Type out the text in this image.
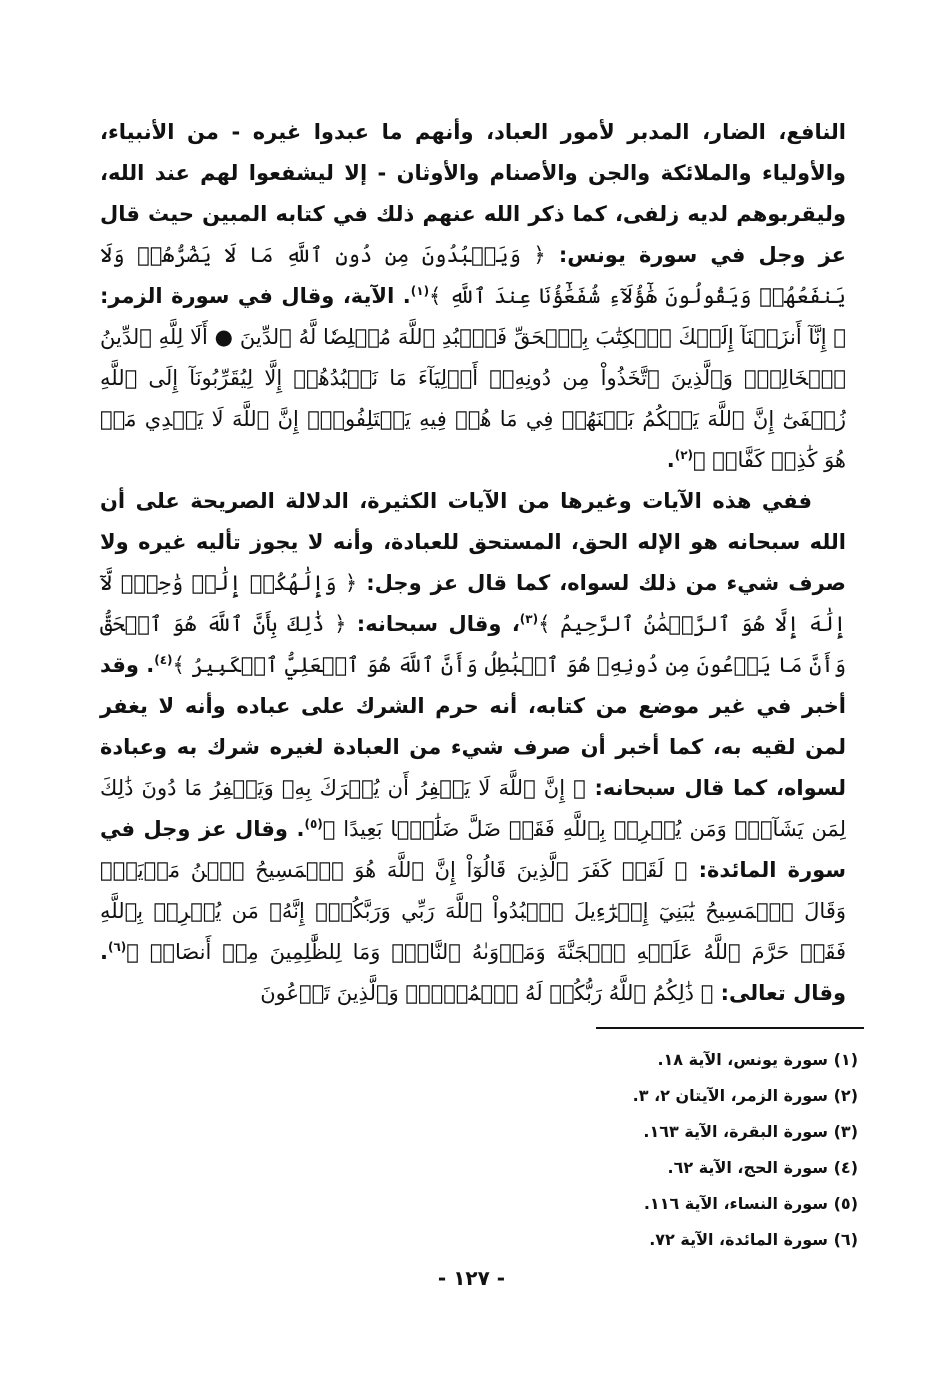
النافع، الضار، المدبر لأمور العباد، وأنهم ما عبدوا غيره - من الأنبياء، والأولياء والملائكة والجن والأصنام والأوثان - إلا ليشفعوا لهم عند الله، وليقربوهم لديه زلفى، كما ذكر الله عنهم ذلك في كتابه المبين حيث قال عز وجل في سورة يونس: ﴿ وَيَعۡبُدُونَ مِن دُونِ ٱللَّهِ مَا لَا يَضُرُّهُمۡ وَلَا يَنفَعُهُمۡ وَيَقُولُونَ هَٰٓؤُلَآءِ شُفَعَٰٓؤُنَا عِندَ ٱللَّهِ ﴾$^{(١)}$. الآية، وقال في سورة الزمر: ﴿ إِنَّآ أَنزَلۡنَآ إِلَيۡكَ ٱلۡكِتَٰبَ بِٱلۡحَقِّ فَٱعۡبُدِ ٱللَّهَ مُخۡلِصٗا لَّهُ ٱلدِّينَ ● أَلَا لِلَّهِ ٱلدِّينُ ٱلۡخَالِصُۚ وَٱلَّذِينَ ٱتَّخَذُواْ مِن دُونِهِۦٓ أَوۡلِيَآءَ مَا نَعۡبُدُهُمۡ إِلَّا لِيُقَرِّبُونَآ إِلَى ٱللَّهِ زُلۡفَىٰٓ إِنَّ ٱللَّهَ يَحۡكُمُ بَيۡنَهُمۡ فِي مَا هُمۡ فِيهِ يَخۡتَلِفُونَۗ إِنَّ ٱللَّهَ لَا يَهۡدِي مَنۡ هُوَ كَٰذِبٞ كَفَّارٞ ﴾$^{(٢)}$.

ففي هذه الآيات وغيرها من الآيات الكثيرة، الدلالة الصريحة على أن الله سبحانه هو الإله الحق، المستحق للعبادة، وأنه لا يجوز تأليه غيره ولا صرف شيء من ذلك لسواه، كما قال عز وجل: ﴿ وَإِلَٰهُكُمۡ إِلَٰهٞ وَٰحِدٞۖ لَّآ إِلَٰهَ إِلَّا هُوَ ٱلرَّحۡمَٰنُ ٱلرَّحِيمُ ﴾$^{(٣)}$، وقال سبحانه: ﴿ ذَٰلِكَ بِأَنَّ ٱللَّهَ هُوَ ٱلۡحَقُّ وَأَنَّ مَا يَدۡعُونَ مِن دُونِهِۦ هُوَ ٱلۡبَٰطِلُ وَأَنَّ ٱللَّهَ هُوَ ٱلۡعَلِيُّ ٱلۡكَبِيرُ ﴾$^{(٤)}$. وقد أخبر في غير موضع من كتابه، أنه حرم الشرك على عباده وأنه لا يغفر لمن لقيه به، كما أخبر أن صرف شيء من العبادة لغيره شرك به وعبادة لسواه، كما قال سبحانه: ﴿ إِنَّ ٱللَّهَ لَا يَغۡفِرُ أَن يُشۡرَكَ بِهِۦ وَيَغۡفِرُ مَا دُونَ ذَٰلِكَ لِمَن يَشَآءُۚ وَمَن يُشۡرِكۡ بِٱللَّهِ فَقَدۡ ضَلَّ ضَلَٰلَۢا بَعِيدًا ﴾$^{(٥)}$. وقال عز وجل في سورة المائدة: ﴿ لَقَدۡ كَفَرَ ٱلَّذِينَ قَالُوٓاْ إِنَّ ٱللَّهَ هُوَ ٱلۡمَسِيحُ ٱبۡنُ مَرۡيَمَۖ وَقَالَ ٱلۡمَسِيحُ يَٰبَنِيٓ إِسۡرَٰٓءِيلَ ٱعۡبُدُواْ ٱللَّهَ رَبِّي وَرَبَّكُمۡۖ إِنَّهُۥ مَن يُشۡرِكۡ بِٱللَّهِ فَقَدۡ حَرَّمَ ٱللَّهُ عَلَيۡهِ ٱلۡجَنَّةَ وَمَأۡوَىٰهُ ٱلنَّارُۖ وَمَا لِلظَّٰلِمِينَ مِنۡ أَنصَارٖ ﴾$^{(٦)}$. وقال تعالى: ﴿ ذَٰلِكُمُ ٱللَّهُ رَبُّكُمۡ لَهُ ٱلۡمُلۡكُۚ وَٱلَّذِينَ تَدۡعُونَ

(١) سورة يونس، الآية ١٨.
(٢) سورة الزمر، الآيتان ٢، ٣.
(٣) سورة البقرة، الآية ١٦٣.
(٤) سورة الحج، الآية ٦٢.
(٥) سورة النساء، الآية ١١٦.
(٦) سورة المائدة، الآية ٧٢.
- ١٢٧ -
